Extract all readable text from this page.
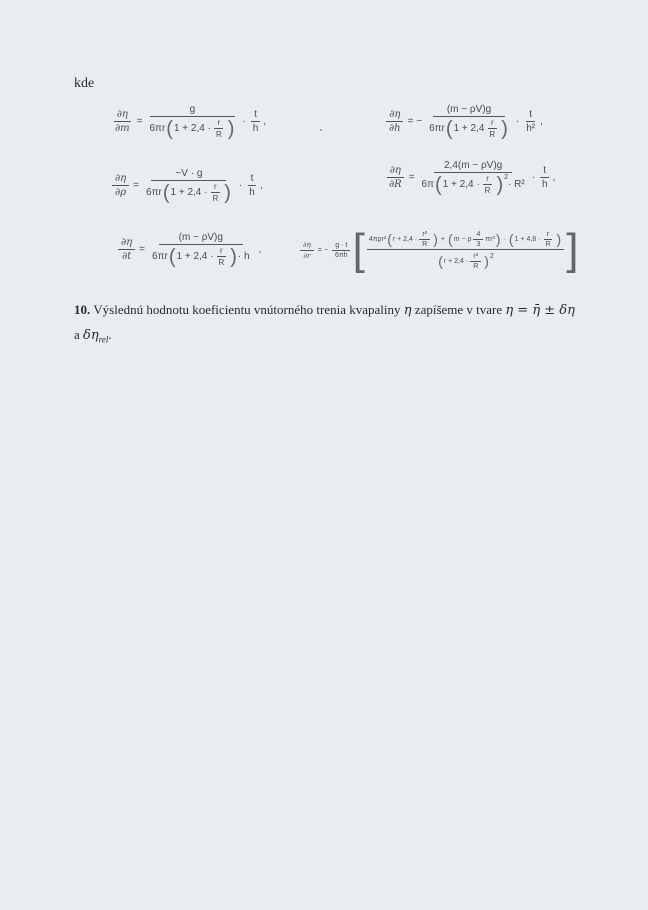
kde
$\frac{\partial\eta}{\partial m}$ =
g
6πr ( $1 + 2,4 \cdot \frac{r}{R}$ ) · $\frac{t}{h}$ ,	$\frac{\partial\eta}{\partial h}$ = −
(m − ρV)g
6πr ( $1 + 2,4 \frac{r}{R}$ ) · $\frac{t}{\text{h²}}$ ,
$\frac{\partial\eta}{\partial\rho}$ =
−V · g
6πr ( $1 + 2,4 \cdot \frac{r}{R}$ ) · $\frac{t}{h}$ ,	$\frac{\partial\eta}{\partial R}$ =
2,4(m − ρV)g
6π ( $1 + 2,4 \cdot \frac{r}{R} )^2$
· R²
· $\frac{t}{h}$ ,
$\frac{\partial\eta}{\partial t}$ =
(m − ρV)g
6πr ( $1 + 2,4 \cdot \frac{r}{R}$ ) · h
,	$\frac{\partial\eta}{\partial r}$ = − $\frac{g \cdot t}{6\pi h}$ [ 4πρr² ( $r + 2,4 \cdot \frac{\text{r²}}{R}$ ) + ( m − ρ $\frac{4}{3} \pi r^3$ ) · ( $1 + 4,8 \cdot \frac{r}{R}$ )
( $r + 2,4 \cdot \frac{\text{r²}}{R}$ ) 2 ]
10. Výslednú hodnotu koeficientu vnútorného trenia kvapaliny η zapíšeme v tvare η = η̄ ± δη
a $\delta\eta_{rel}$.
